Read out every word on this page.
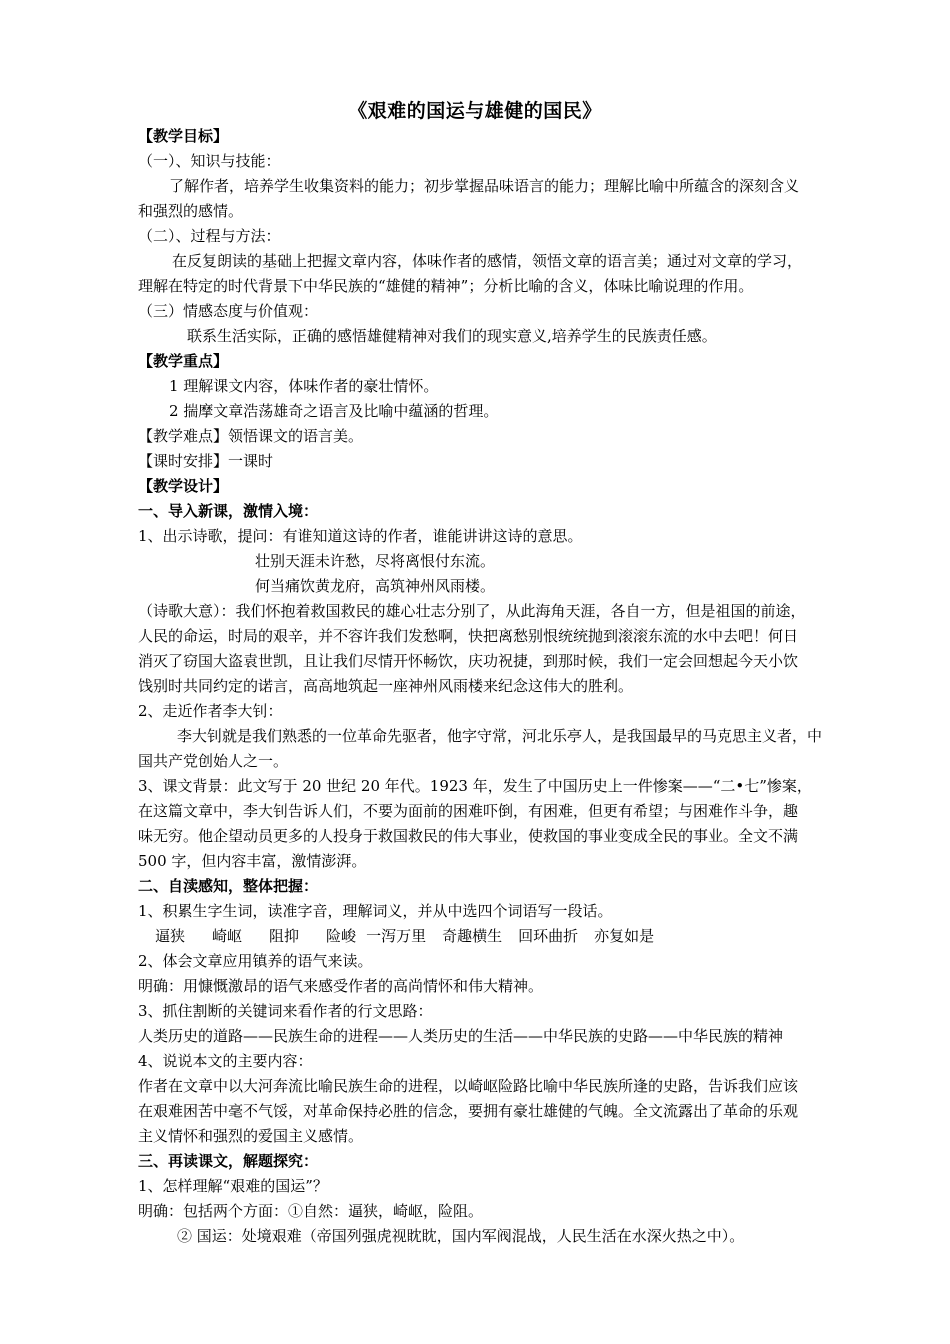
《艰难的国运与雄健的国民》
【教学目标】
（一）、知识与技能：
了解作者，培养学生收集资料的能力；初步掌握品味语言的能力；理解比喻中所蕴含的深刻含义
和强烈的感情。
（二）、过程与方法：
在反复朗读的基础上把握文章内容，体味作者的感情，领悟文章的语言美；通过对文章的学习，
理解在特定的时代背景下中华民族的“雄健的精神”；分析比喻的含义，体味比喻说理的作用。
（三）情感态度与价值观：
联系生活实际，正确的感悟雄健精神对我们的现实意义,培养学生的民族责任感。
【教学重点】
1 理解课文内容，体味作者的豪壮情怀。
2 揣摩文章浩荡雄奇之语言及比喻中蕴涵的哲理。
【教学难点】领悟课文的语言美。
【课时安排】一课时
【教学设计】
一、导入新课，激情入境：
1、出示诗歌，提问：有谁知道这诗的作者，谁能讲讲这诗的意思。
壮别天涯未许愁，尽将离恨付东流。
何当痛饮黄龙府，高筑神州风雨楼。
（诗歌大意）：我们怀抱着救国救民的雄心壮志分别了，从此海角天涯，各自一方，但是祖国的前途，
人民的命运，时局的艰辛，并不容许我们发愁啊，快把离愁别恨统统抛到滚滚东流的水中去吧！何日
消灭了窃国大盗袁世凯，且让我们尽情开怀畅饮，庆功祝捷，到那时候，我们一定会回想起今天小饮
饯别时共同约定的诺言，高高地筑起一座神州风雨楼来纪念这伟大的胜利。
2、走近作者李大钊：
李大钊就是我们熟悉的一位革命先驱者，他字守常，河北乐亭人，是我国最早的马克思主义者，中
国共产党创始人之一。
3、课文背景：此文写于 20 世纪 20 年代。1923 年，发生了中国历史上一件惨案——“二•七”惨案，
在这篇文章中，李大钊告诉人们，不要为面前的困难吓倒，有困难，但更有希望；与困难作斗争，趣
味无穷。他企望动员更多的人投身于救国救民的伟大事业，使救国的事业变成全民的事业。全文不满
500 字，但内容丰富，激情澎湃。
二、自渎感知，整体把握：
1、积累生字生词，读准字音，理解词义，并从中选四个词语写一段话。
逼狭 崎岖 阻抑 险峻 一泻万里 奇趣横生 回环曲折 亦复如是
2、体会文章应用镇养的语气来读。
明确：用慷慨激昂的语气来感受作者的高尚情怀和伟大精神。
3、抓住割断的关键词来看作者的行文思路：
人类历史的道路——民族生命的进程——人类历史的生活——中华民族的史路——中华民族的精神
4、说说本文的主要内容：
作者在文章中以大河奔流比喻民族生命的进程，以崎岖险路比喻中华民族所逢的史路，告诉我们应该
在艰难困苦中毫不气馁，对革命保持必胜的信念，要拥有豪壮雄健的气魄。全文流露出了革命的乐观
主义情怀和强烈的爱国主义感情。
三、再读课文，解题探究：
1、怎样理解“艰难的国运”？
明确：包括两个方面：①自然：逼狭，崎岖，险阻。
② 国运：处境艰难（帝国列强虎视眈眈，国内军阀混战，人民生活在水深火热之中）。
